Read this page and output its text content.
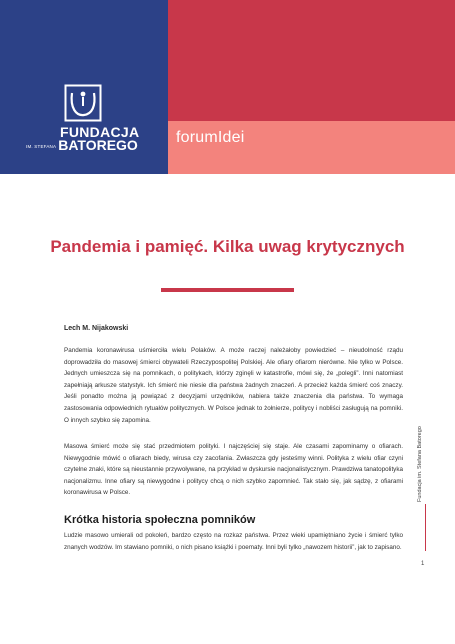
FUNDACJA
IM. STEFANA BATOREGO	forumIdei
Pandemia i pamięć. Kilka uwag krytycznych

Lech M. Nijakowski

Pandemia koronawirusa uśmierciła wielu Polaków. A może raczej należałoby powiedzieć – nieudolność rządu doprowadziła do masowej śmierci obywateli Rzeczypospolitej Polskiej. Ale ofiary ofiarom nierówne. Nie tylko w Polsce. Jednych umieszcza się na pomnikach, o politykach, którzy zginęli w katastrofie, mówi się, że „polegli”. Inni natomiast zapełniają arkusze statystyk. Ich śmierć nie niesie dla państwa żadnych znaczeń. A przecież każda śmierć coś znaczy. Jeśli ponadto można ją powiązać z decyzjami urzędników, nabiera także znaczenia dla państwa. To wymaga zastosowania odpowiednich rytuałów politycznych. W Polsce jednak to żołnierze, politycy i nobliści zasługują na pomniki. O innych szybko się zapomina.

Masowa śmierć może się stać przedmiotem polityki. I najczęściej się staje. Ale czasami zapominamy o ofiarach. Niewygodnie mówić o ofiarach biedy, wirusa czy zacofania. Zwłaszcza gdy jesteśmy winni. Polityka z wielu ofiar czyni czytelne znaki, które są nieustannie przywoływane, na przykład w dyskursie nacjonalistycznym. Prawdziwa tanatopolityka nacjonalizmu. Inne ofiary są niewygodne i politycy chcą o nich szybko zapomnieć. Tak stało się, jak sądzę, z ofiarami koronawirusa w Polsce.

Krótka historia społeczna pomników

Ludzie masowo umierali od pokoleń, bardzo często na rozkaz państwa. Przez wieki upamiętniano życie i śmierć tylko znanych wodzów. Im stawiano pomniki, o nich pisano książki i poematy. Inni byli tylko „nawozem historii”, jak to zapisano.

Fundacja im. Stefana Batorego

1
